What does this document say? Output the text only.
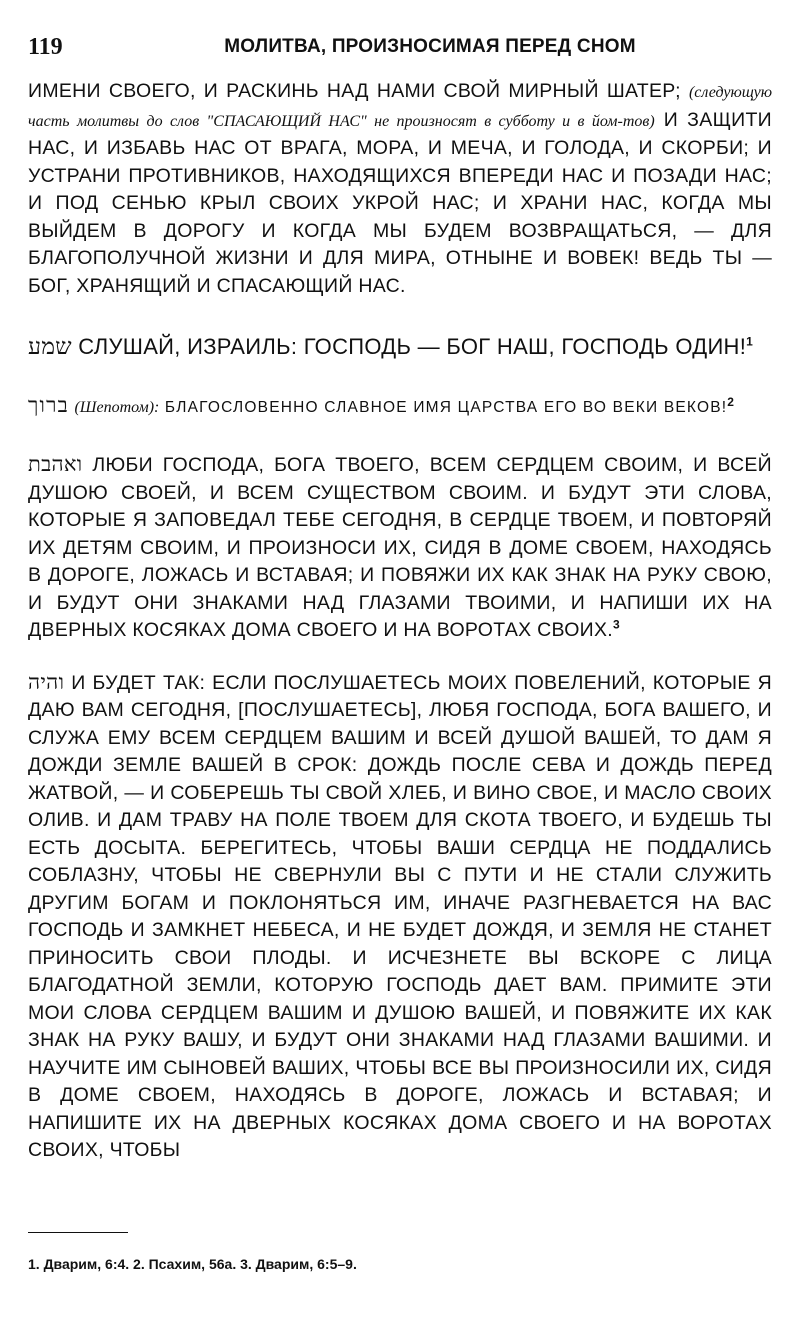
119	МОЛИТВА, ПРОИЗНОСИМАЯ ПЕРЕД СНОМ

ИМЕНИ СВОЕГО, И РАСКИНЬ НАД НАМИ СВОЙ МИРНЫЙ ШАТЕР; (следующую часть молитвы до слов "СПАСАЮЩИЙ НАС" не произносят в субботу и в йом-тов) И ЗАЩИТИ НАС, И ИЗБАВЬ НАС ОТ ВРАГА, МОРА, И МЕЧА, И ГОЛОДА, И СКОРБИ; И УСТРАНИ ПРОТИВНИКОВ, НАХОДЯЩИХСЯ ВПЕРЕДИ НАС И ПОЗАДИ НАС; И ПОД СЕНЬЮ КРЫЛ СВОИХ УКРОЙ НАС; И ХРАНИ НАС, КОГДА МЫ ВЫЙДЕМ В ДОРОГУ И КОГДА МЫ БУДЕМ ВОЗВРАЩАТЬСЯ, — ДЛЯ БЛАГОПОЛУЧНОЙ ЖИЗНИ И ДЛЯ МИРА, ОТНЫНЕ И ВОВЕК! ВЕДЬ ТЫ — БОГ, ХРАНЯЩИЙ И СПАСАЮЩИЙ НАС.

שמע СЛУШАЙ, ИЗРАИЛЬ: ГОСПОДЬ — БОГ НАШ, ГОСПОДЬ ОДИН!$^1$

ברוך (Шепотом): БЛАГОСЛОВЕННО СЛАВНОЕ ИМЯ ЦАРСТВА ЕГО ВО ВЕКИ ВЕКОВ!$^2$

ואהבת ЛЮБИ ГОСПОДА, БОГА ТВОЕГО, ВСЕМ СЕРДЦЕМ СВОИМ, И ВСЕЙ ДУШОЮ СВОЕЙ, И ВСЕМ СУЩЕСТВОМ СВОИМ. И БУДУТ ЭТИ СЛОВА, КОТОРЫЕ Я ЗАПОВЕДАЛ ТЕБЕ СЕГОДНЯ, В СЕРДЦЕ ТВОЕМ, И ПОВТОРЯЙ ИХ ДЕТЯМ СВОИМ, И ПРОИЗНОСИ ИХ, СИДЯ В ДОМЕ СВОЕМ, НАХОДЯСЬ В ДОРОГЕ, ЛОЖАСЬ И ВСТАВАЯ; И ПОВЯЖИ ИХ КАК ЗНАК НА РУКУ СВОЮ, И БУДУТ ОНИ ЗНАКАМИ НАД ГЛАЗАМИ ТВОИМИ, И НАПИШИ ИХ НА ДВЕРНЫХ КОСЯКАХ ДОМА СВОЕГО И НА ВОРОТАХ СВОИХ.$^3$

והיה И БУДЕТ ТАК: ЕСЛИ ПОСЛУШАЕТЕСЬ МОИХ ПОВЕЛЕНИЙ, КОТОРЫЕ Я ДАЮ ВАМ СЕГОДНЯ, [ПОСЛУШАЕТЕСЬ], ЛЮБЯ ГОСПОДА, БОГА ВАШЕГО, И СЛУЖА ЕМУ ВСЕМ СЕРДЦЕМ ВАШИМ И ВСЕЙ ДУШОЙ ВАШЕЙ, ТО ДАМ Я ДОЖДИ ЗЕМЛЕ ВАШЕЙ В СРОК: ДОЖДЬ ПОСЛЕ СЕВА И ДОЖДЬ ПЕРЕД ЖАТВОЙ, — И СОБЕРЕШЬ ТЫ СВОЙ ХЛЕБ, И ВИНО СВОЕ, И МАСЛО СВОИХ ОЛИВ. И ДАМ ТРАВУ НА ПОЛЕ ТВОЕМ ДЛЯ СКОТА ТВОЕГО, И БУДЕШЬ ТЫ ЕСТЬ ДОСЫТА. БЕРЕГИТЕСЬ, ЧТОБЫ ВАШИ СЕРДЦА НЕ ПОДДАЛИСЬ СОБЛАЗНУ, ЧТОБЫ НЕ СВЕРНУЛИ ВЫ С ПУТИ И НЕ СТАЛИ СЛУЖИТЬ ДРУГИМ БОГАМ И ПОКЛОНЯТЬСЯ ИМ, ИНАЧЕ РАЗГНЕВАЕТСЯ НА ВАС ГОСПОДЬ И ЗАМКНЕТ НЕБЕСА, И НЕ БУДЕТ ДОЖДЯ, И ЗЕМЛЯ НЕ СТАНЕТ ПРИНОСИТЬ СВОИ ПЛОДЫ. И ИСЧЕЗНЕТЕ ВЫ ВСКОРЕ С ЛИЦА БЛАГОДАТНОЙ ЗЕМЛИ, КОТОРУЮ ГОСПОДЬ ДАЕТ ВАМ. ПРИМИТЕ ЭТИ МОИ СЛОВА СЕРДЦЕМ ВАШИМ И ДУШОЮ ВАШЕЙ, И ПОВЯЖИТЕ ИХ КАК ЗНАК НА РУКУ ВАШУ, И БУДУТ ОНИ ЗНАКАМИ НАД ГЛАЗАМИ ВАШИМИ. И НАУЧИТЕ ИМ СЫНОВЕЙ ВАШИХ, ЧТОБЫ ВСЕ ВЫ ПРОИЗНОСИЛИ ИХ, СИДЯ В ДОМЕ СВОЕМ, НАХОДЯСЬ В ДОРОГЕ, ЛОЖАСЬ И ВСТАВАЯ; И НАПИШИТЕ ИХ НА ДВЕРНЫХ КОСЯКАХ ДОМА СВОЕГО И НА ВОРОТАХ СВОИХ, ЧТОБЫ

1. Дварим, 6:4. 2. Псахим, 56а. 3. Дварим, 6:5–9.
